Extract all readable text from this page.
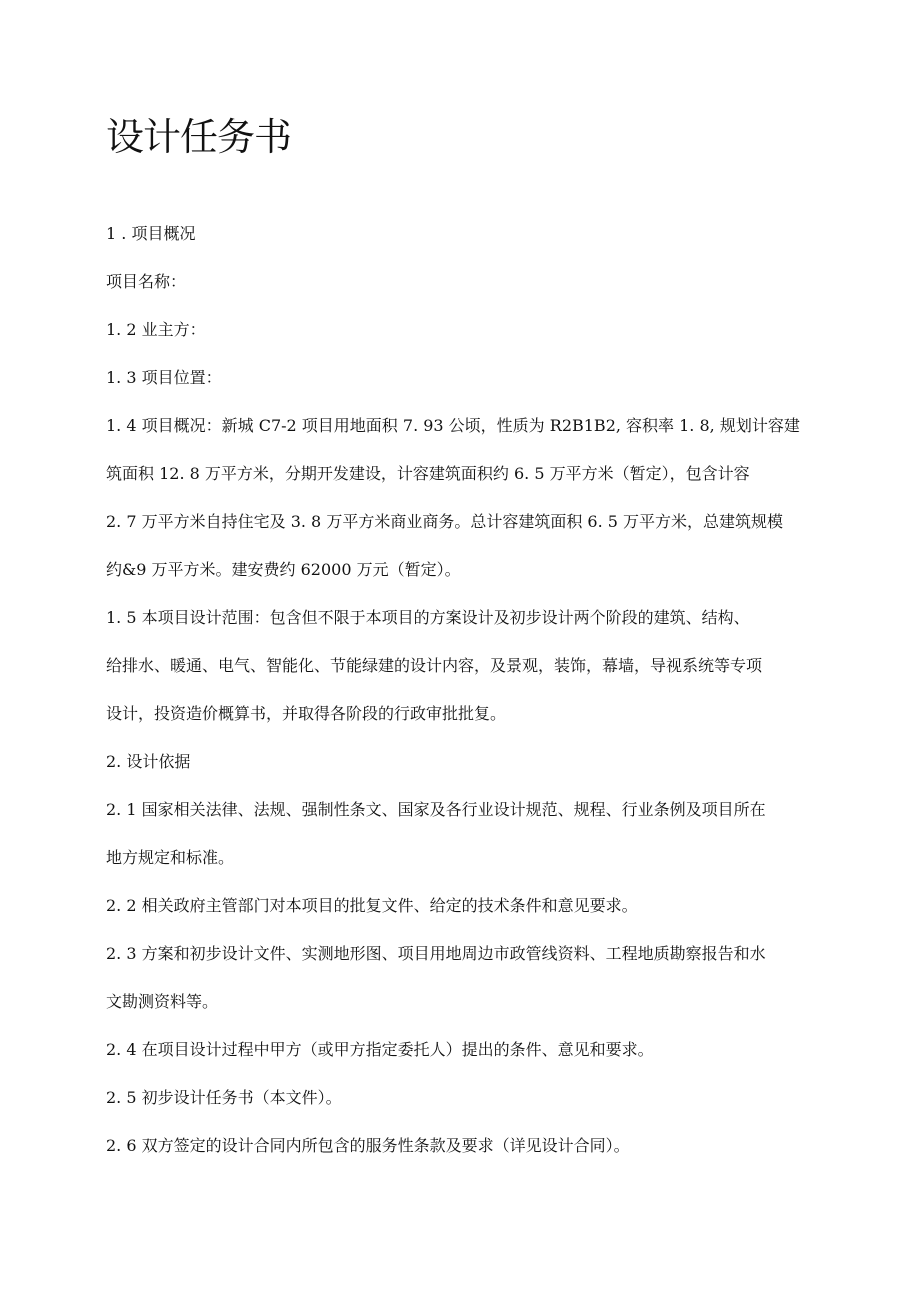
设计任务书
1 . 项目概况
项目名称：
1. 2 业主方：
1. 3 项目位置：
1. 4 项目概况：新城 C7-2 项目用地面积 7. 93 公顷，性质为 R2B1B2, 容积率 1. 8, 规划计容建
筑面积 12. 8 万平方米，分期开发建设，计容建筑面积约 6. 5 万平方米（暂定），包含计容
2. 7 万平方米自持住宅及 3. 8 万平方米商业商务。总计容建筑面积 6. 5 万平方米，总建筑规模
约&9 万平方米。建安费约 62000 万元（暂定）。
1. 5 本项目设计范围：包含但不限于本项目的方案设计及初步设计两个阶段的建筑、结构、
给排水、暖通、电气、智能化、节能绿建的设计内容，及景观，装饰，幕墙，导视系统等专项
设计，投资造价概算书，并取得各阶段的行政审批批复。
2. 设计依据
2. 1 国家相关法律、法规、强制性条文、国家及各行业设计规范、规程、行业条例及项目所在
地方规定和标准。
2. 2 相关政府主管部门对本项目的批复文件、给定的技术条件和意见要求。
2. 3 方案和初步设计文件、实测地形图、项目用地周边市政管线资料、工程地质勘察报告和水
文勘测资料等。
2. 4 在项目设计过程中甲方（或甲方指定委托人）提出的条件、意见和要求。
2. 5 初步设计任务书（本文件）。
2. 6 双方签定的设计合同内所包含的服务性条款及要求（详见设计合同）。
